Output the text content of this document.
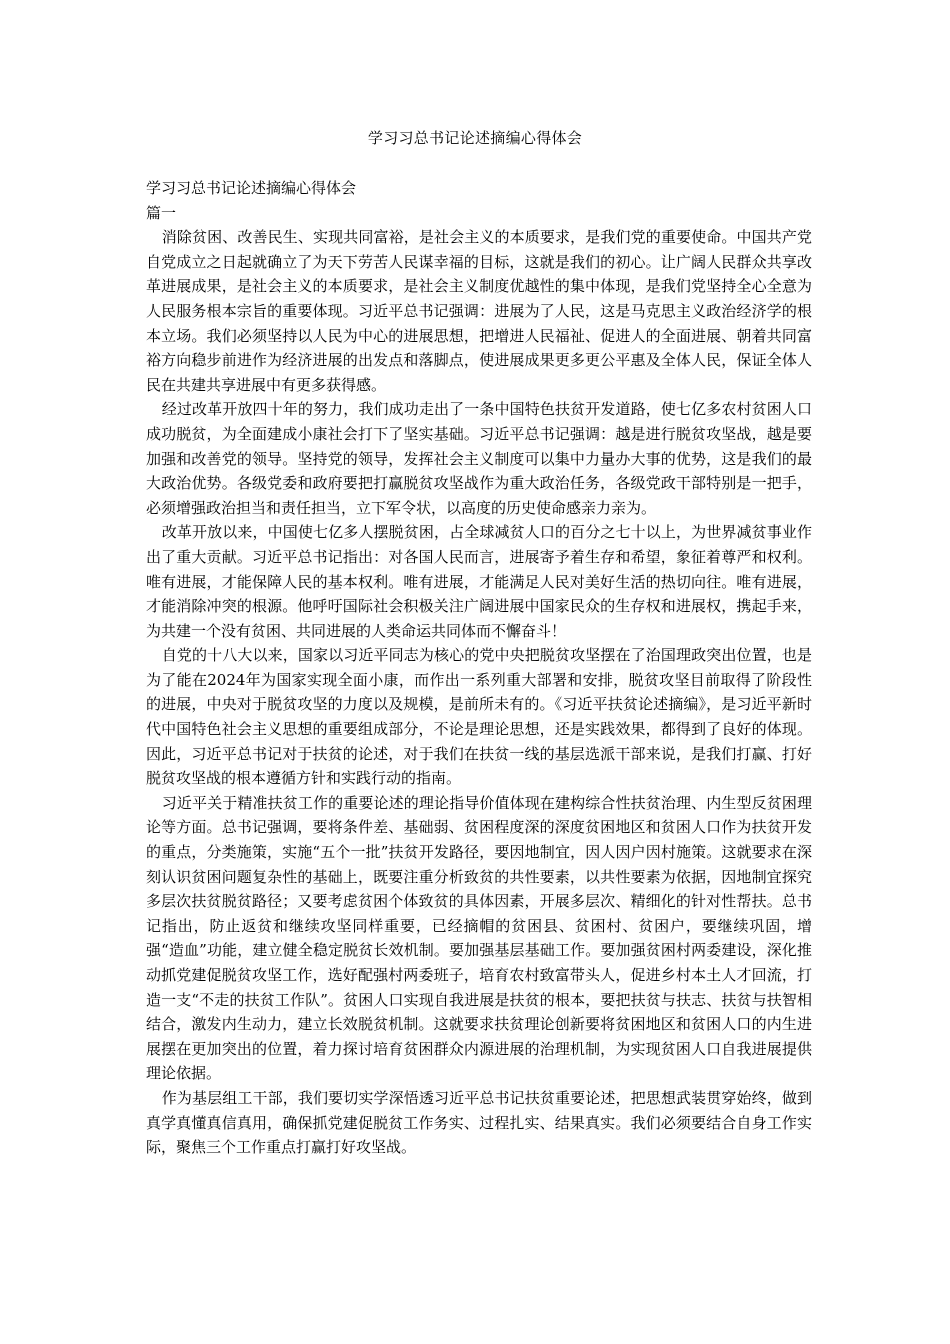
学习习总书记论述摘编心得体会

学习习总书记论述摘编心得体会

篇一

消除贫困、改善民生、实现共同富裕，是社会主义的本质要求，是我们党的重要使命。中国共产党自党成立之日起就确立了为天下劳苦人民谋幸福的目标，这就是我们的初心。让广阔人民群众共享改革进展成果，是社会主义的本质要求，是社会主义制度优越性的集中体现，是我们党坚持全心全意为人民服务根本宗旨的重要体现。习近平总书记强调：进展为了人民，这是马克思主义政治经济学的根本立场。我们必须坚持以人民为中心的进展思想，把增进人民福祉、促进人的全面进展、朝着共同富裕方向稳步前进作为经济进展的出发点和落脚点，使进展成果更多更公平惠及全体人民，保证全体人民在共建共享进展中有更多获得感。

经过改革开放四十年的努力，我们成功走出了一条中国特色扶贫开发道路，使七亿多农村贫困人口成功脱贫，为全面建成小康社会打下了坚实基础。习近平总书记强调：越是进行脱贫攻坚战，越是要加强和改善党的领导。坚持党的领导，发挥社会主义制度可以集中力量办大事的优势，这是我们的最大政治优势。各级党委和政府要把打赢脱贫攻坚战作为重大政治任务，各级党政干部特别是一把手，必须增强政治担当和责任担当，立下军令状，以高度的历史使命感亲力亲为。

改革开放以来，中国使七亿多人摆脱贫困，占全球减贫人口的百分之七十以上，为世界减贫事业作出了重大贡献。习近平总书记指出：对各国人民而言，进展寄予着生存和希望，象征着尊严和权利。唯有进展，才能保障人民的基本权利。唯有进展，才能满足人民对美好生活的热切向往。唯有进展，才能消除冲突的根源。他呼吁国际社会积极关注广阔进展中国家民众的生存权和进展权，携起手来，为共建一个没有贫困、共同进展的人类命运共同体而不懈奋斗！

自党的十八大以来，国家以习近平同志为核心的党中央把脱贫攻坚摆在了治国理政突出位置，也是为了能在2024年为国家实现全面小康，而作出一系列重大部署和安排，脱贫攻坚目前取得了阶段性的进展，中央对于脱贫攻坚的力度以及规模，是前所未有的。《习近平扶贫论述摘编》，是习近平新时代中国特色社会主义思想的重要组成部分，不论是理论思想，还是实践效果，都得到了良好的体现。因此，习近平总书记对于扶贫的论述，对于我们在扶贫一线的基层选派干部来说，是我们打赢、打好脱贫攻坚战的根本遵循方针和实践行动的指南。

习近平关于精准扶贫工作的重要论述的理论指导价值体现在建构综合性扶贫治理、内生型反贫困理论等方面。总书记强调，要将条件差、基础弱、贫困程度深的深度贫困地区和贫困人口作为扶贫开发的重点，分类施策，实施“五个一批”扶贫开发路径，要因地制宜，因人因户因村施策。这就要求在深刻认识贫困问题复杂性的基础上，既要注重分析致贫的共性要素，以共性要素为依据，因地制宜探究多层次扶贫脱贫路径；又要考虑贫困个体致贫的具体因素，开展多层次、精细化的针对性帮扶。总书记指出，防止返贫和继续攻坚同样重要，已经摘帽的贫困县、贫困村、贫困户，要继续巩固，增强“造血”功能，建立健全稳定脱贫长效机制。要加强基层基础工作。要加强贫困村两委建设，深化推动抓党建促脱贫攻坚工作，选好配强村两委班子，培育农村致富带头人，促进乡村本土人才回流，打造一支“不走的扶贫工作队”。贫困人口实现自我进展是扶贫的根本，要把扶贫与扶志、扶贫与扶智相结合，激发内生动力，建立长效脱贫机制。这就要求扶贫理论创新要将贫困地区和贫困人口的内生进展摆在更加突出的位置，着力探讨培育贫困群众内源进展的治理机制，为实现贫困人口自我进展提供理论依据。

作为基层组工干部，我们要切实学深悟透习近平总书记扶贫重要论述，把思想武装贯穿始终，做到真学真懂真信真用，确保抓党建促脱贫工作务实、过程扎实、结果真实。我们必须要结合自身工作实际，聚焦三个工作重点打赢打好攻坚战。
